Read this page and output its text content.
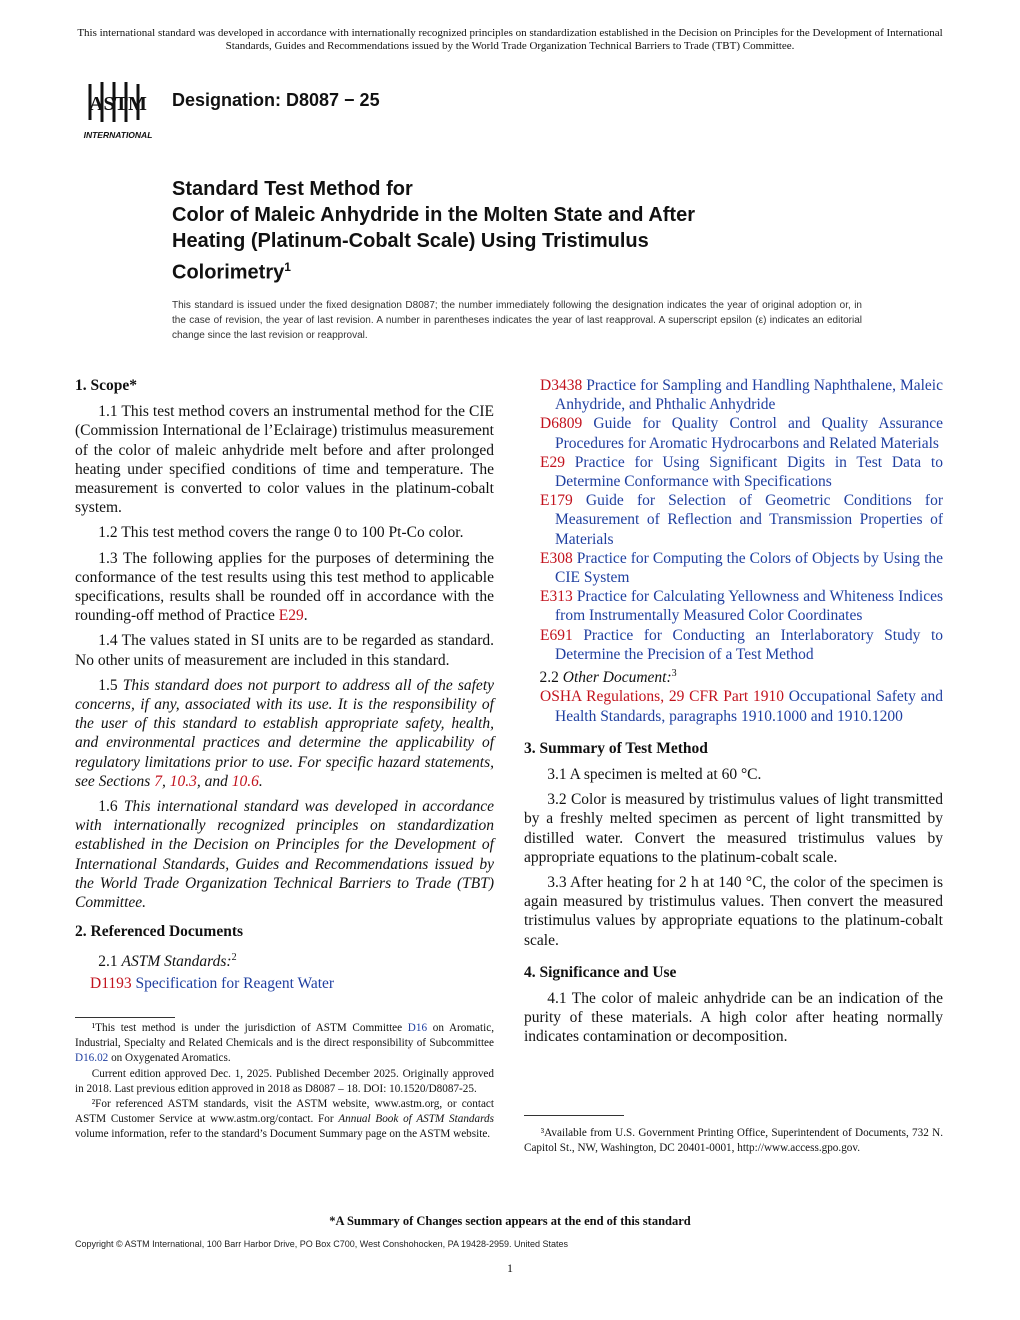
This international standard was developed in accordance with internationally recognized principles on standardization established in the Decision on Principles for the Development of International Standards, Guides and Recommendations issued by the World Trade Organization Technical Barriers to Trade (TBT) Committee.
ASTM
INTERNATIONAL
Designation: D8087 − 25
Standard Test Method for
Color of Maleic Anhydride in the Molten State and After
Heating (Platinum-Cobalt Scale) Using Tristimulus
Colorimetry$^1$
This standard is issued under the fixed designation D8087; the number immediately following the designation indicates the year of original adoption or, in the case of revision, the year of last revision. A number in parentheses indicates the year of last reapproval. A superscript epsilon (ε) indicates an editorial change since the last revision or reapproval.
1. Scope*

1.1 This test method covers an instrumental method for the CIE (Commission International de l’Eclairage) tristimulus measurement of the color of maleic anhydride melt before and after prolonged heating under specified conditions of time and temperature. The measurement is converted to color values in the platinum-cobalt system.

1.2 This test method covers the range 0 to 100 Pt-Co color.

1.3 The following applies for the purposes of determining the conformance of the test results using this test method to applicable specifications, results shall be rounded off in accordance with the rounding-off method of Practice E29.

1.4 The values stated in SI units are to be regarded as standard. No other units of measurement are included in this standard.

1.5 This standard does not purport to address all of the safety concerns, if any, associated with its use. It is the responsibility of the user of this standard to establish appropriate safety, health, and environmental practices and determine the applicability of regulatory limitations prior to use. For specific hazard statements, see Sections 7, 10.3, and 10.6.

1.6 This international standard was developed in accordance with internationally recognized principles on standardization established in the Decision on Principles for the Development of International Standards, Guides and Recommendations issued by the World Trade Organization Technical Barriers to Trade (TBT) Committee.

2. Referenced Documents
2.1 ASTM Standards:$^2$
D1193 Specification for Reagent Water

¹This test method is under the jurisdiction of ASTM Committee D16 on Aromatic, Industrial, Specialty and Related Chemicals and is the direct responsibility of Subcommittee D16.02 on Oxygenated Aromatics.

Current edition approved Dec. 1, 2025. Published December 2025. Originally approved in 2018. Last previous edition approved in 2018 as D8087 – 18. DOI: 10.1520/D8087-25.

²For referenced ASTM standards, visit the ASTM website, www.astm.org, or contact ASTM Customer Service at www.astm.org/contact. For Annual Book of ASTM Standards volume information, refer to the standard’s Document Summary page on the ASTM website.

D3438 Practice for Sampling and Handling Naphthalene, Maleic Anhydride, and Phthalic Anhydride
D6809 Guide for Quality Control and Quality Assurance Procedures for Aromatic Hydrocarbons and Related Materials
E29 Practice for Using Significant Digits in Test Data to Determine Conformance with Specifications
E179 Guide for Selection of Geometric Conditions for Measurement of Reflection and Transmission Properties of Materials
E308 Practice for Computing the Colors of Objects by Using the CIE System
E313 Practice for Calculating Yellowness and Whiteness Indices from Instrumentally Measured Color Coordinates
E691 Practice for Conducting an Interlaboratory Study to Determine the Precision of a Test Method
2.2 Other Document:$^3$
OSHA Regulations, 29 CFR Part 1910 Occupational Safety and Health Standards, paragraphs 1910.1000 and 1910.1200
3. Summary of Test Method

3.1 A specimen is melted at 60 °C.

3.2 Color is measured by tristimulus values of light transmitted by a freshly melted specimen as percent of light transmitted by distilled water. Convert the measured tristimulus values by appropriate equations to the platinum-cobalt scale.

3.3 After heating for 2 h at 140 °C, the color of the specimen is again measured by tristimulus values. Then convert the measured tristimulus values by appropriate equations to the platinum-cobalt scale.

4. Significance and Use

4.1 The color of maleic anhydride can be an indication of the purity of these materials. A high color after heating normally indicates contamination or decomposition.

³Available from U.S. Government Printing Office, Superintendent of Documents, 732 N. Capitol St., NW, Washington, DC 20401-0001, http://www.access.gpo.gov.

*A Summary of Changes section appears at the end of this standard
Copyright © ASTM International, 100 Barr Harbor Drive, PO Box C700, West Conshohocken, PA 19428-2959. United States
1
